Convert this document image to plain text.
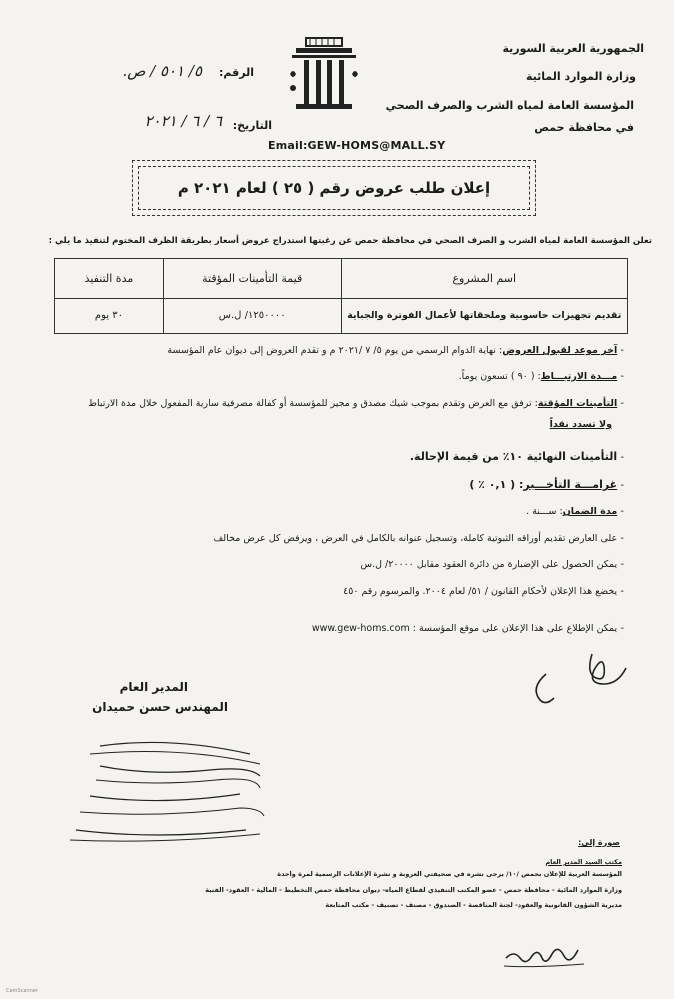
الجمهورية العربية السورية
وزارة الموارد المائية
المؤسسة العامة لمياه الشرب والصرف الصحي
في محافظة حمص
الرقم:
٥/ ٥٠١ / ص.
التاريخ:
٦ / ٦ / ٢٠٢١
Email:GEW-HOMS@MALL.SY
إعلان طلب عروض رقم ( ٢٥ ) لعام ٢٠٢١ م
تعلن المؤسسة العامة لمياه الشرب و الصرف الصحي في محافظة حمص عن رغبتها استدراج عروض أسعار بطريقة الظرف المختوم لتنفيذ ما يلي :
اسم المشروع	قيمة التأمينات المؤقتة	مدة التنفيذ
تقديم تجهيزات حاسوبية وملحقاتها لأعمال الفوترة والجباية	١٢٥٠٠٠٠/ ل.س	٣٠ يوم
- آخر موعد لقبول العروض: نهاية الدوام الرسمي من يوم ٥/ ٧ /٢٠٢١ م و تقدم العروض إلى ديوان عام المؤسسة
- مـــدة الارتبـــاط: ( ٩٠ ) تسعون يوماً.
- التأمينات المؤقتة: ترفق مع العرض وتقدم بموجب شيك مصدق و مجير للمؤسسة أو كفالة مصرفية سارية المفعول خلال مدة الارتباط
ولا تسدد نقداً
- التأمينات النهائية ١٠٪ من قيمة الإحالة.
- غرامـــة التأخـــير: ( ٠,١ ٪ )
- مدة الضمان: ســـنة .
- على العارض تقديم أوراقه الثبوتية كاملة، وتسجيل عنوانه بالكامل في العرض ، ويرفض كل عرض مخالف
- يمكن الحصول على الإضبارة من دائرة العقود مقابل ٢٠٠٠٠/ ل.س
- يخضع هذا الإعلان لأحكام القانون / ٥١/ لعام ٢٠٠٤. والمرسوم رقم ٤٥٠
- يمكن الإطلاع على هذا الإعلان على موقع المؤسسة : www.gew-homs.com
المدير العام
المهندس حسن حميدان
صورة إلى:
مكتب السيد المدير العام
المؤسسة العربية للإعلان بحمص /١٠/ يرجى نشره في صحيفتي العروبة و نشرة الإعلانات الرسمية لمرة واحدة
وزارة الموارد المائية - محافظة حمص - عضو المكتب التنفيذي لقطاع المياه- ديوان محافظة حمص التخطيط - المالية - العقود- الفنية
مديرية الشؤون القانونية والعقود- لجنة المناقصة - الصندوق - مصنف - تصنيف - مكتب المتابعة
CamScanner
